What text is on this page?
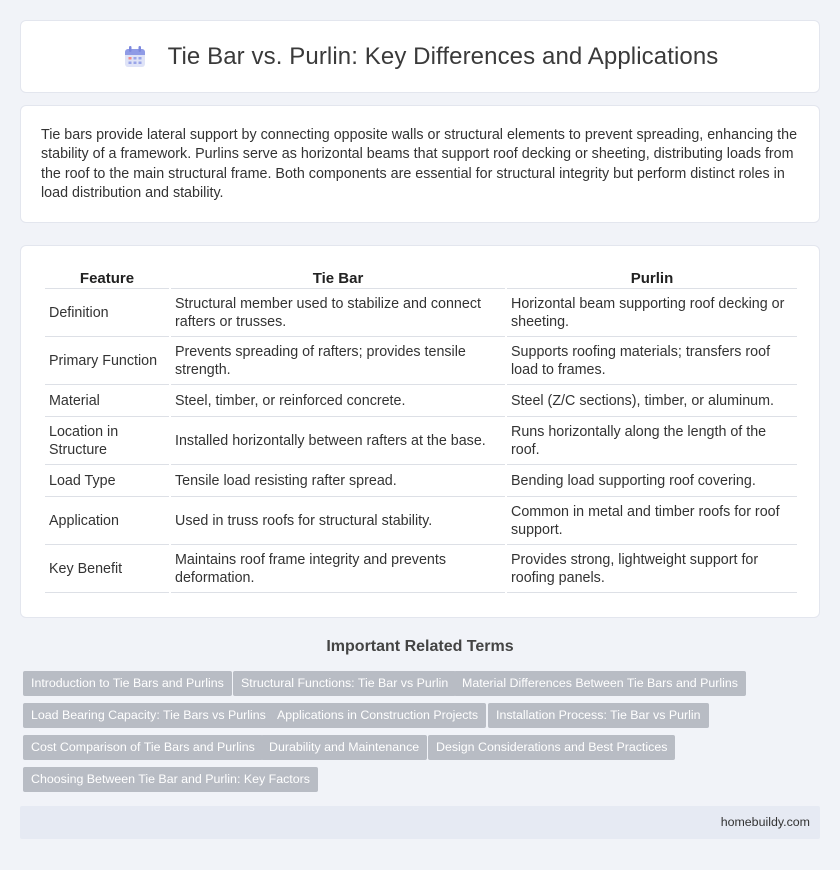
Tie Bar vs. Purlin: Key Differences and Applications

Tie bars provide lateral support by connecting opposite walls or structural elements to prevent spreading, enhancing the stability of a framework. Purlins serve as horizontal beams that support roof decking or sheeting, distributing loads from the roof to the main structural frame. Both components are essential for structural integrity but perform distinct roles in load distribution and stability.

Feature	Tie Bar	Purlin
Definition	Structural member used to stabilize and connect rafters or trusses.	Horizontal beam supporting roof decking or sheeting.
Primary Function	Prevents spreading of rafters; provides tensile strength.	Supports roofing materials; transfers roof load to frames.
Material	Steel, timber, or reinforced concrete.	Steel (Z/C sections), timber, or aluminum.
Location in Structure	Installed horizontally between rafters at the base.	Runs horizontally along the length of the roof.
Load Type	Tensile load resisting rafter spread.	Bending load supporting roof covering.
Application	Used in truss roofs for structural stability.	Common in metal and timber roofs for roof support.
Key Benefit	Maintains roof frame integrity and prevents deformation.	Provides strong, lightweight support for roofing panels.
Important Related Terms
Introduction to Tie Bars and Purlins	Structural Functions: Tie Bar vs Purlin	Material Differences Between Tie Bars and Purlins
Load Bearing Capacity: Tie Bars vs Purlins Applications in Construction Projects	Installation Process: Tie Bar vs Purlin
Cost Comparison of Tie Bars and Purlins	Durability and Maintenance	Design Considerations and Best Practices
Choosing Between Tie Bar and Purlin: Key Factors
homebuildy.com
